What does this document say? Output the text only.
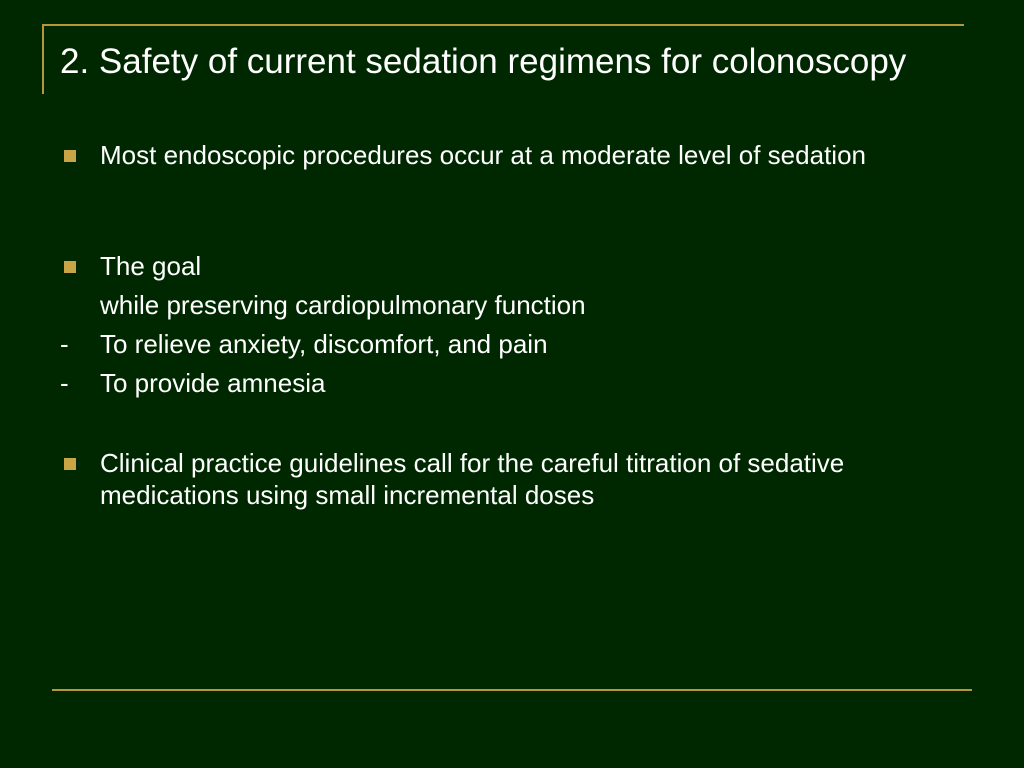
2. Safety of current sedation regimens for colonoscopy
Most endoscopic procedures occur at a moderate level of sedation
The goal
while preserving cardiopulmonary function
- To relieve anxiety, discomfort, and pain
- To provide amnesia
Clinical practice guidelines call for the careful titration of sedative medications using small incremental doses
